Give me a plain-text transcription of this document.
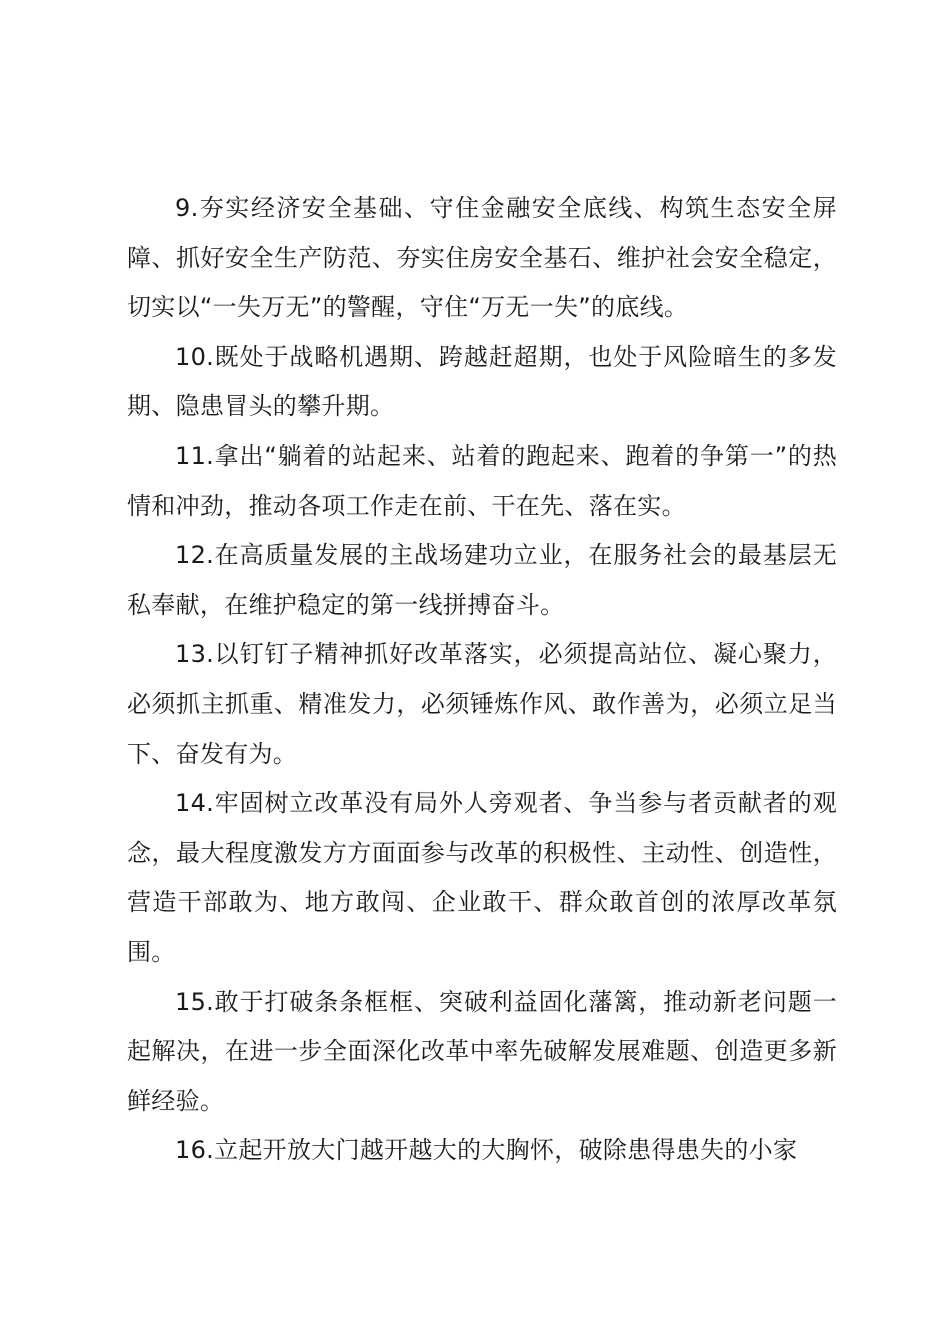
9.夯实经济安全基础、守住金融安全底线、构筑生态安全屏障、抓好安全生产防范、夯实住房安全基石、维护社会安全稳定，切实以“一失万无”的警醒，守住“万无一失”的底线。

10.既处于战略机遇期、跨越赶超期，也处于风险暗生的多发期、隐患冒头的攀升期。

11.拿出“躺着的站起来、站着的跑起来、跑着的争第一”的热情和冲劲，推动各项工作走在前、干在先、落在实。

12.在高质量发展的主战场建功立业，在服务社会的最基层无私奉献，在维护稳定的第一线拼搏奋斗。

13.以钉钉子精神抓好改革落实，必须提高站位、凝心聚力，必须抓主抓重、精准发力，必须锤炼作风、敢作善为，必须立足当下、奋发有为。

14.牢固树立改革没有局外人旁观者、争当参与者贡献者的观念，最大程度激发方方面面参与改革的积极性、主动性、创造性，营造干部敢为、地方敢闯、企业敢干、群众敢首创的浓厚改革氛围。

15.敢于打破条条框框、突破利益固化藩篱，推动新老问题一起解决，在进一步全面深化改革中率先破解发展难题、创造更多新鲜经验。

16.立起开放大门越开越大的大胸怀，破除患得患失的小家
